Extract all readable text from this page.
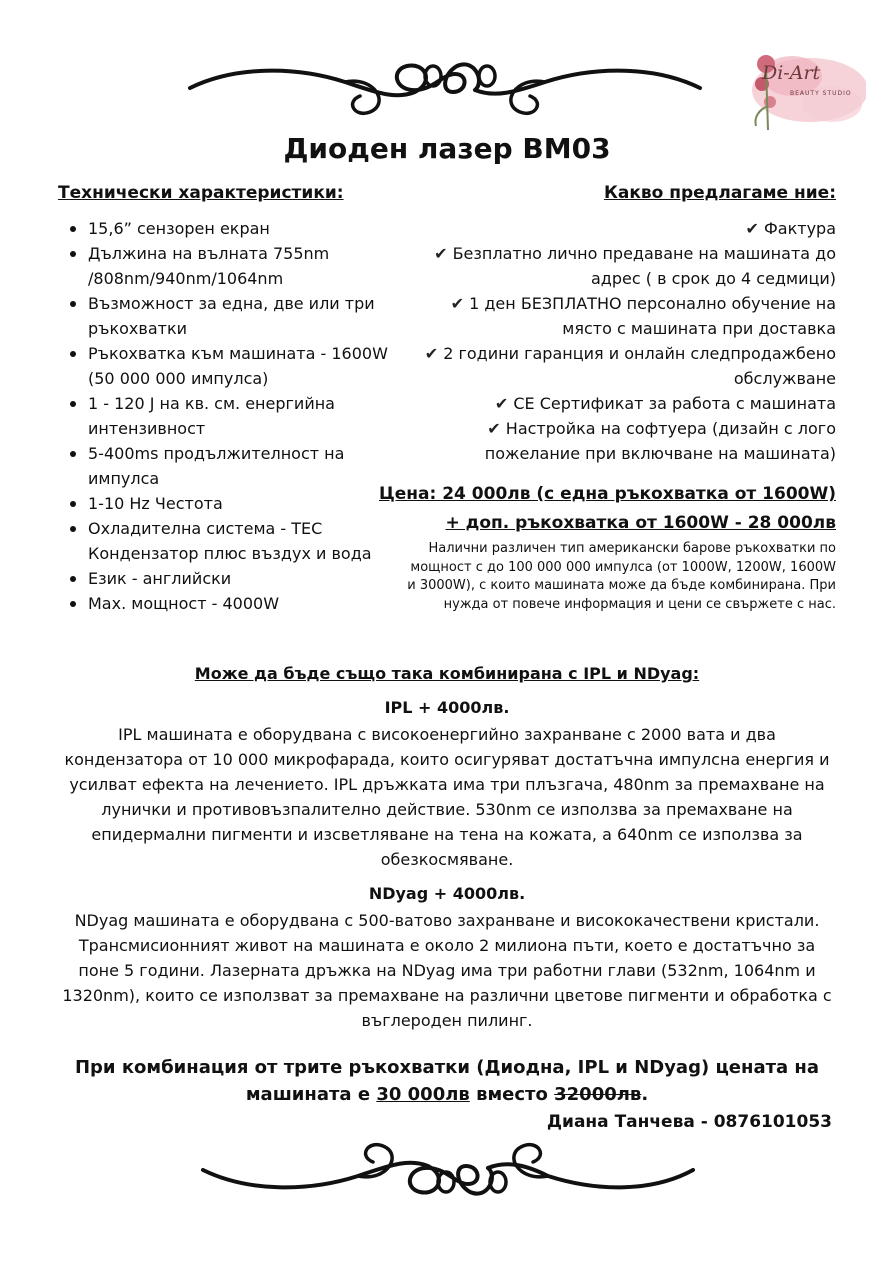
Di-Art
BEAUTY STUDIO
Диоден лазер BM03
Технически характеристики:	Какво предлагаме ние:
15,6” сензорен екран
Дължина на вълната 755nm /808nm/940nm/1064nm
Възможност за една, две или три ръкохватки
Ръкохватка към машината - 1600W (50 000 000 импулса)
1 - 120 J на кв. см. енергийна интензивност
5-400ms продължителност на импулса
1-10 Hz Честота
Охладителна система - TEC Кондензатор плюс въздух и вода
Език - английски
Max. мощност - 4000W
✔ Фактура
✔ Безплатно лично предаване на машината до адрес ( в срок до 4 седмици)
✔ 1 ден БЕЗПЛАТНО персонално обучение на място с машината при доставка
✔ 2 години гаранция и онлайн следпродажбено обслужване
✔ CE Сертификат за работа с машината
✔ Настройка на софтуера (дизайн с лого пожелание при включване на машината)
Цена: 24 000лв (с една ръкохватка от 1600W)
+ доп. ръкохватка от 1600W - 28 000лв
Налични различен тип американски барове ръкохватки по мощност с до 100 000 000 импулса (от 1000W, 1200W, 1600W и 3000W), с които машината може да бъде комбинирана. При нужда от повече информация и цени се свържете с нас.
Може да бъде също така комбинирана с IPL и NDyag:
IPL + 4000лв.
IPL машината е оборудвана с високоенергийно захранване с 2000 вата и два кондензатора от 10 000 микрофарада, които осигуряват достатъчна импулсна енергия и усилват ефекта на лечението. IPL дръжката има три плъзгача, 480nm за премахване на лунички и противовъзпалително действие. 530nm се използва за премахване на епидермални пигменти и изсветляване на тена на кожата, а 640nm се използва за обезкосмяване.
NDyag + 4000лв.
NDyag машината е оборудвана с 500-ватово захранване и висококачествени кристали. Трансмисионният живот на машината е около 2 милиона пъти, което е достатъчно за поне 5 години. Лазерната дръжка на NDyag има три работни глави (532nm, 1064nm и 1320nm), които се използват за премахване на различни цветове пигменти и обработка с въглероден пилинг.
При комбинация от трите ръкохватки (Диодна, IPL и NDyag) цената на машината е 30 000лв вместо 32000лв.
Диана Танчева - 0876101053
